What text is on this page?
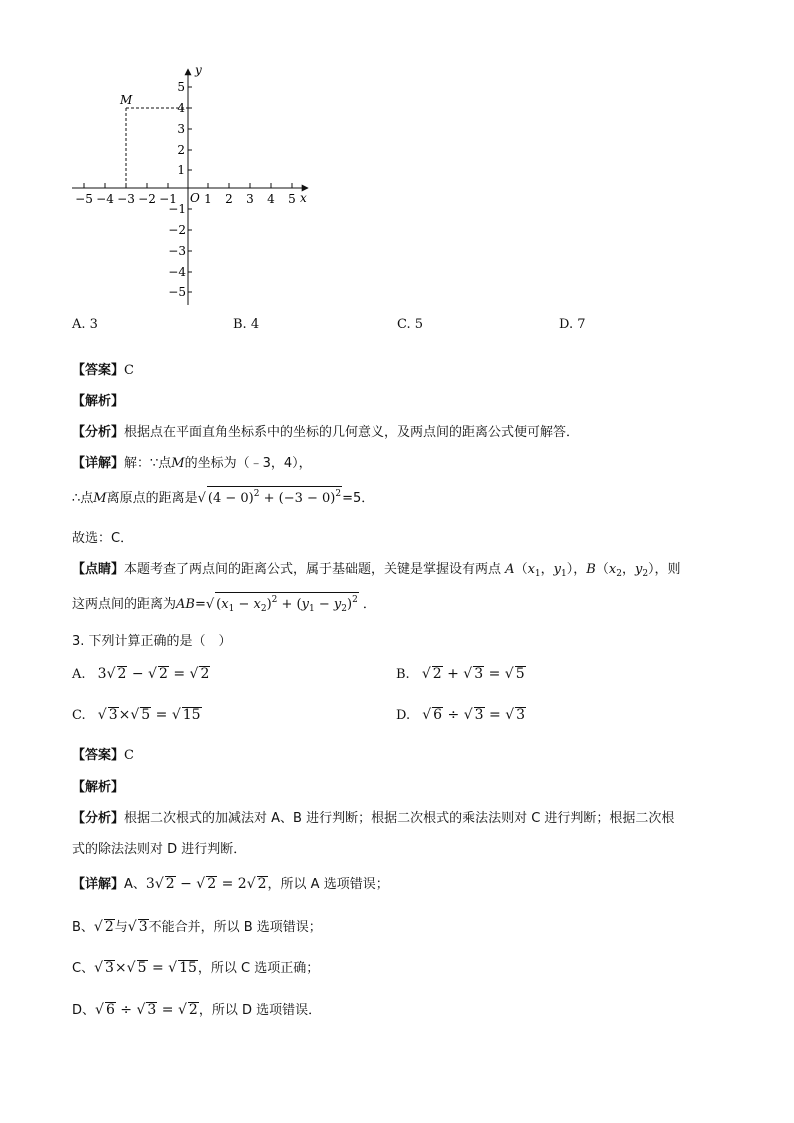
−5 −4 −3 −2 −1 1 2 3 4 5
5
4
3
2
1
−1
−2
−3
−4
−5
x
y
O
M
A. 3	B. 4	C. 5	D. 7
【答案】C
【解析】
【分析】根据点在平面直角坐标系中的坐标的几何意义，及两点间的距离公式便可解答．
【详解】解：∵点M的坐标为（﹣3，4），
∴点M离原点的距离是√ $(4 - 0)^2 + (-3 - 0)^2=5$．
故选：C．
【点睛】本题考查了两点间的距离公式，属于基础题，关键是掌握设有两点 $A(x_1$，$y_1$），$B(x_2$，$y_2$），则
这两点间的距离为AB=√ $(x_1 - x_2)^2 + (y_1 - y_2)^2$ ．
3. 下列计算正确的是（　）
A. 3√ 2 − √ 2 = √ 2	B. √ 2 + √ 3 = √ 5
C. √ 3×√ 5 = √ 15	D. √ 6 ÷ √ 3 = √ 3
【答案】C
【解析】
【分析】根据二次根式的加减法对 A、B 进行判断；根据二次根式的乘法法则对 C 进行判断；根据二次根
式的除法法则对 D 进行判断．
【详解】A、3√ 2 − √ 2 = 2√ 2，所以 A 选项错误；
B、√ 2与√ 3不能合并，所以 B 选项错误；
C、√ 3×√ 5 = √ 15，所以 C 选项正确；
D、√ 6 ÷ √ 3 = √ 2，所以 D 选项错误．
